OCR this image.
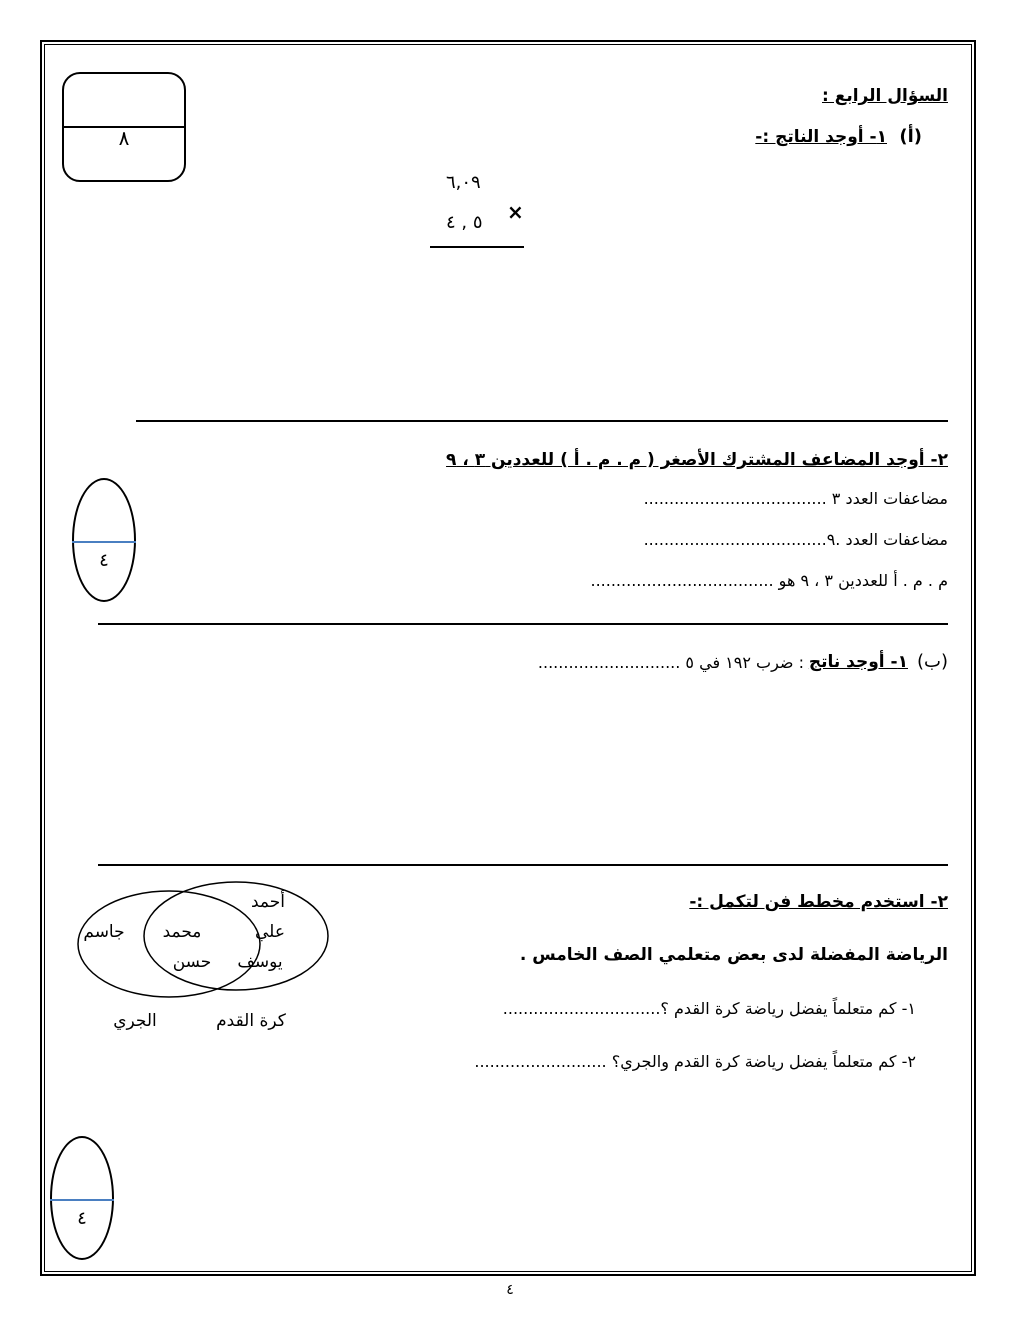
٨
السؤال الرابع :
(أ)
١- أوجد الناتج :-
٦,٠٩
٥ , ٤	×
٢- أوجد المضاعف المشترك الأصغر ( م . م . أ ) للعددين ٣ ، ٩
مضاعفات العدد ٣ ....................................
مضاعفات العدد .٩....................................
م . م . أ للعددين ٣ ، ٩ هو ....................................
٤
(ب)
١- أوجد ناتج
: ضرب ١٩٢ في ٥ ............................
٢- استخدم مخطط فن لتكمل :-
الرياضة المفضلة لدى بعض متعلمي الصف الخامس .
١- كم متعلماً يفضل رياضة كرة القدم ؟...............................
٢- كم متعلماً يفضل رياضة كرة القدم والجري؟ ..........................
جاسم	محمد
حسن
أحمد
علي
يوسف
الجري	كرة القدم
٤
٤
